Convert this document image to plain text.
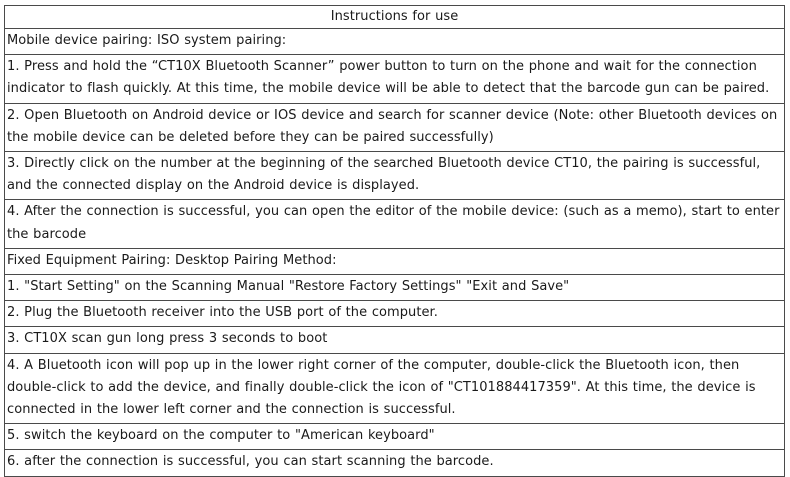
Instructions for use
Mobile device pairing: ISO system pairing:
1. Press and hold the “CT10X Bluetooth Scanner” power button to turn on the phone and wait for the connection indicator to flash quickly. At this time, the mobile device will be able to detect that the barcode gun can be paired.
2. Open Bluetooth on Android device or IOS device and search for scanner device (Note: other Bluetooth devices on the mobile device can be deleted before they can be paired successfully)
3. Directly click on the number at the beginning of the searched Bluetooth device CT10, the pairing is successful, and the connected display on the Android device is displayed.
4. After the connection is successful, you can open the editor of the mobile device: (such as a memo), start to enter the barcode
Fixed Equipment Pairing: Desktop Pairing Method:
1. "Start Setting" on the Scanning Manual "Restore Factory Settings" "Exit and Save"
2. Plug the Bluetooth receiver into the USB port of the computer.
3. CT10X scan gun long press 3 seconds to boot
4. A Bluetooth icon will pop up in the lower right corner of the computer, double-click the Bluetooth icon, then double-click to add the device, and finally double-click the icon of "CT101884417359". At this time, the device is connected in the lower left corner and the connection is successful.
5. switch the keyboard on the computer to "American keyboard"
6. after the connection is successful, you can start scanning the barcode.
